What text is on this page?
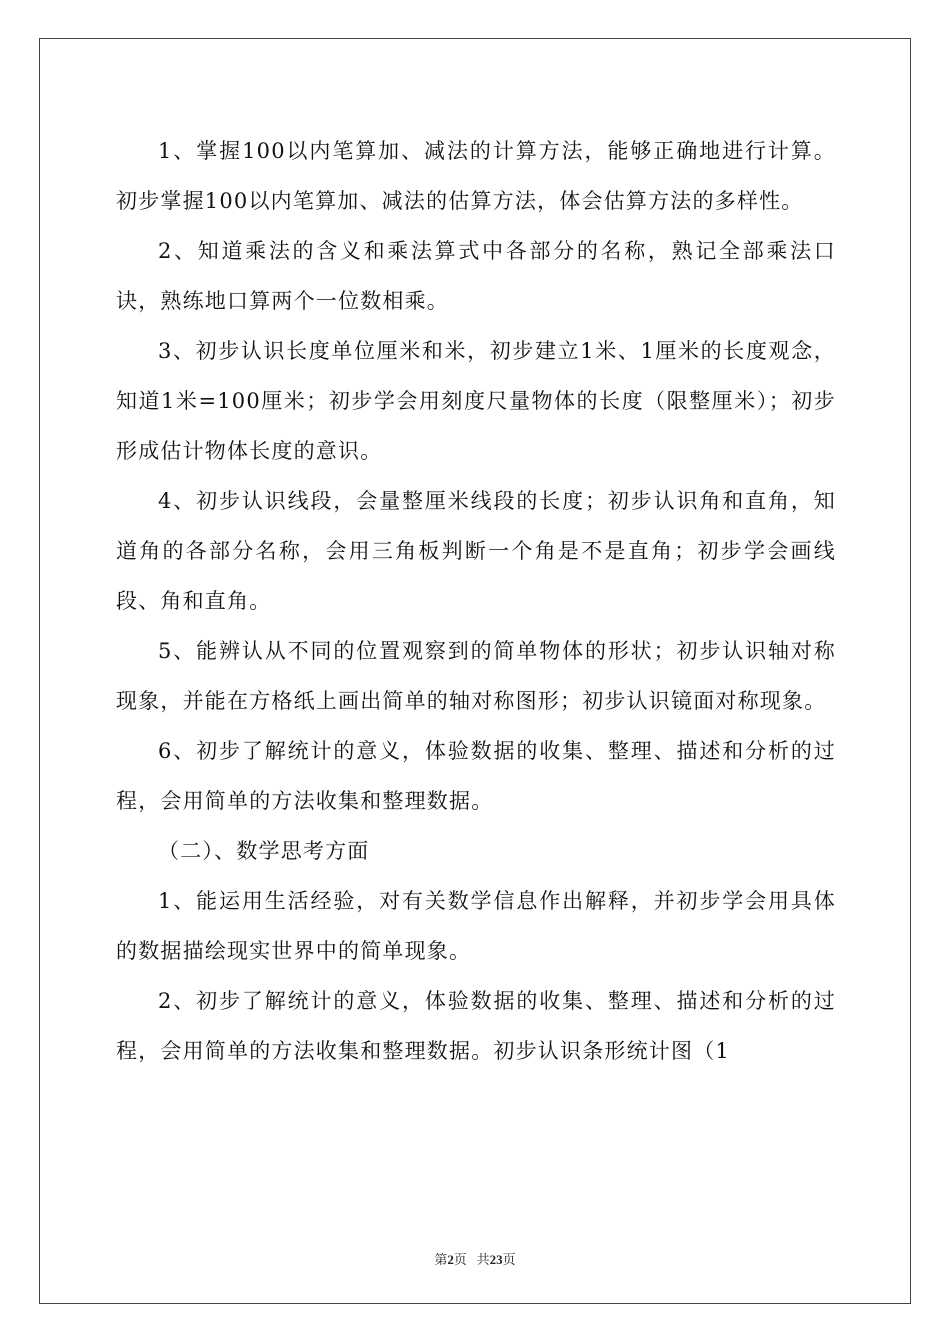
1、掌握100以内笔算加、减法的计算方法，能够正确地进行计算。初步掌握100以内笔算加、减法的估算方法，体会估算方法的多样性。

2、知道乘法的含义和乘法算式中各部分的名称，熟记全部乘法口诀，熟练地口算两个一位数相乘。

3、初步认识长度单位厘米和米，初步建立1米、1厘米的长度观念，知道1米=100厘米；初步学会用刻度尺量物体的长度（限整厘米）；初步形成估计物体长度的意识。

4、初步认识线段，会量整厘米线段的长度；初步认识角和直角，知道角的各部分名称，会用三角板判断一个角是不是直角；初步学会画线段、角和直角。

5、能辨认从不同的位置观察到的简单物体的形状；初步认识轴对称现象，并能在方格纸上画出简单的轴对称图形；初步认识镜面对称现象。

6、初步了解统计的意义，体验数据的收集、整理、描述和分析的过程，会用简单的方法收集和整理数据。

（二）、数学思考方面

1、能运用生活经验，对有关数学信息作出解释，并初步学会用具体的数据描绘现实世界中的简单现象。

2、初步了解统计的意义，体验数据的收集、整理、描述和分析的过程，会用简单的方法收集和整理数据。初步认识条形统计图（1

第2页 共23页
